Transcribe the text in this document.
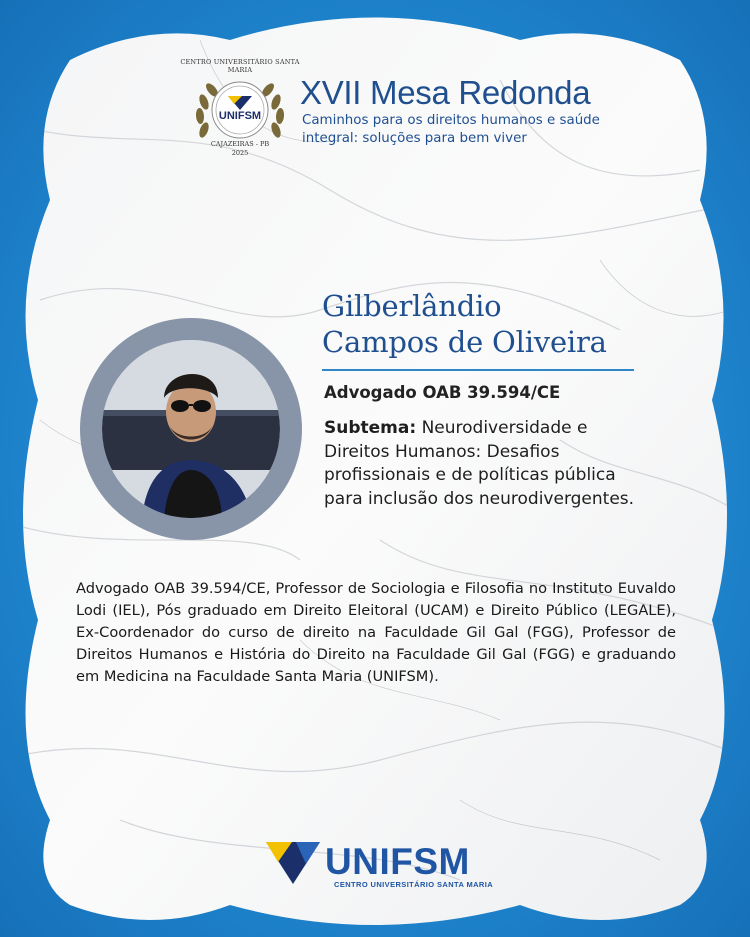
CENTRO UNIVERSITÁRIO SANTA MARIA
UNIFSM
CAJAZEIRAS - PB
2025
XVII Mesa Redonda
Caminhos para os direitos humanos e saúde integral: soluções para bem viver
Gilberlândio
Campos de Oliveira
Advogado OAB 39.594/CE
Subtema: Neurodiversidade e Direitos Humanos: Desafios profissionais e de políticas pública para inclusão dos neurodivergentes.
Advogado OAB 39.594/CE, Professor de Sociologia e Filosofia no Instituto Euvaldo Lodi (IEL), Pós graduado em Direito Eleitoral (UCAM) e Direito Público (LEGALE), Ex-Coordenador do curso de direito na Faculdade Gil Gal (FGG), Professor de Direitos Humanos e História do Direito na Faculdade Gil Gal (FGG) e graduando em Medicina na Faculdade Santa Maria (UNIFSM).
UNIFSM
CENTRO UNIVERSITÁRIO SANTA MARIA
